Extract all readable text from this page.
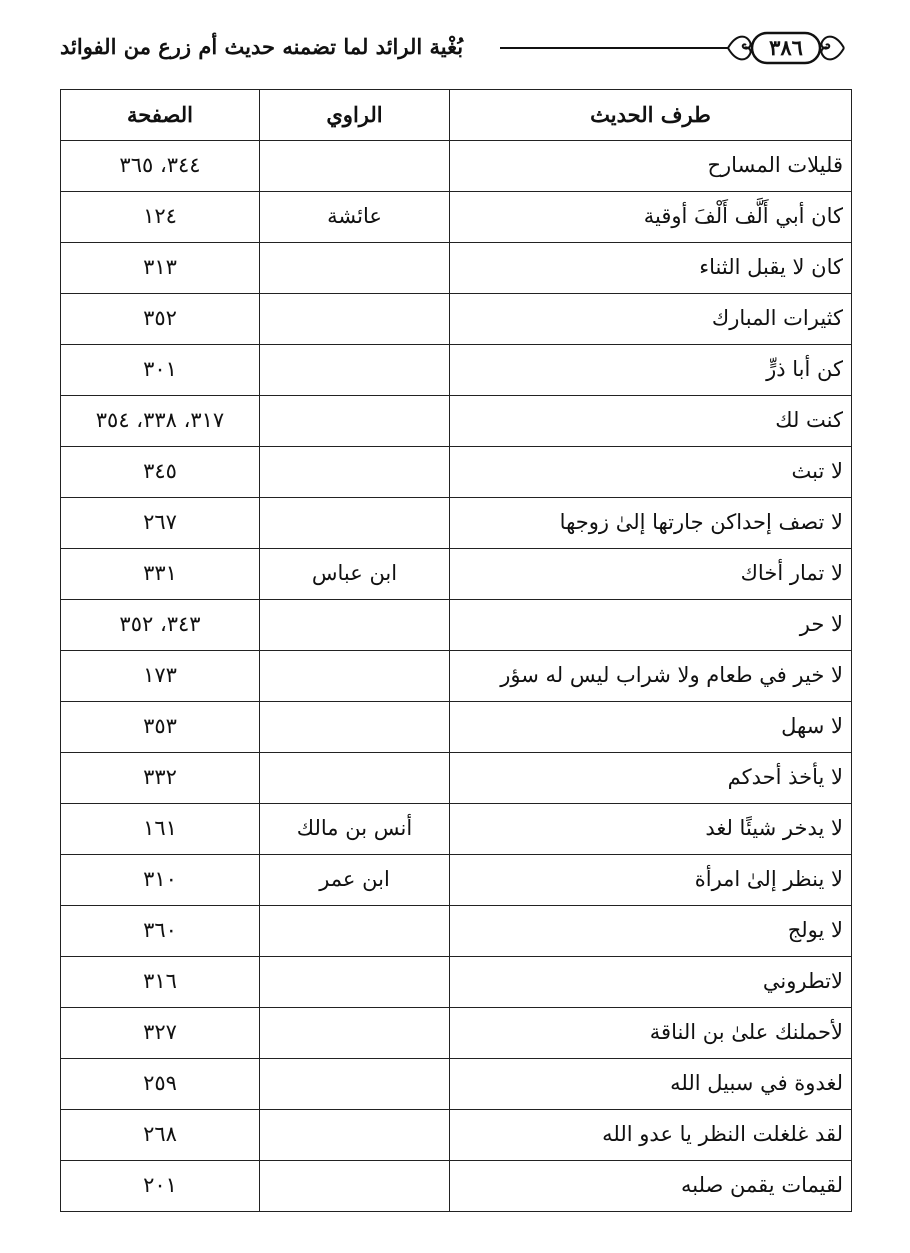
٣٨٦
بُغْية الرائد لما تضمنه حديث أم زرع من الفوائد
طرف الحديث	الراوي	الصفحة
قليلات المسارح		٣٤٤، ٣٦٥
كان أبي أَلَّف أَلْفَ أوقية	عائشة	١٢٤
كان لا يقبل الثناء		٣١٣
كثيرات المبارك		٣٥٢
كن أبا ذرٍّ		٣٠١
كنت لك		٣١٧، ٣٣٨، ٣٥٤
لا تبث		٣٤٥
لا تصف إحداكن جارتها إلىٰ زوجها		٢٦٧
لا تمار أخاك	ابن عباس	٣٣١
لا حر		٣٤٣، ٣٥٢
لا خير في طعام ولا شراب ليس له سؤر		١٧٣
لا سهل		٣٥٣
لا يأخذ أحدكم		٣٣٢
لا يدخر شيئًا لغد	أنس بن مالك	١٦١
لا ينظر إلىٰ امرأة	ابن عمر	٣١٠
لا يولج		٣٦٠
لاتطروني		٣١٦
لأحملنك علىٰ بن الناقة		٣٢٧
لغدوة في سبيل الله		٢٥٩
لقد غلغلت النظر يا عدو الله		٢٦٨
لقيمات يقمن صلبه		٢٠١
